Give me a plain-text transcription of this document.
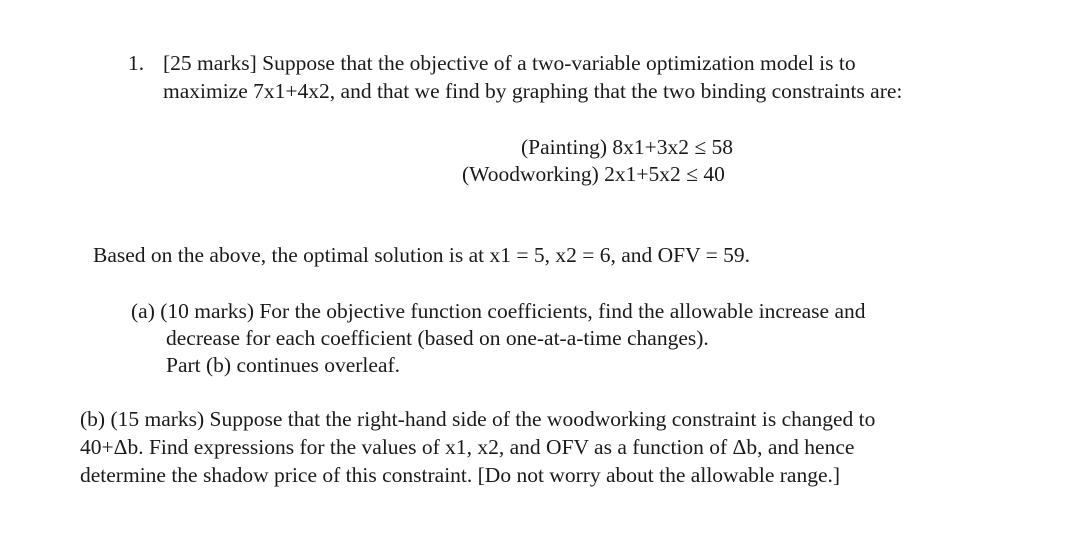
1. [25 marks] Suppose that the objective of a two-variable optimization model is to
maximize 7x1+4x2, and that we find by graphing that the two binding constraints are:
(Painting) 8x1+3x2 ≤ 58
(Woodworking) 2x1+5x2 ≤ 40
Based on the above, the optimal solution is at x1 = 5, x2 = 6, and OFV = 59.
(a) (10 marks) For the objective function coefficients, find the allowable increase and
decrease for each coefficient (based on one-at-a-time changes).
Part (b) continues overleaf.
(b) (15 marks) Suppose that the right-hand side of the woodworking constraint is changed to
40+Δb. Find expressions for the values of x1, x2, and OFV as a function of Δb, and hence
determine the shadow price of this constraint. [Do not worry about the allowable range.]
